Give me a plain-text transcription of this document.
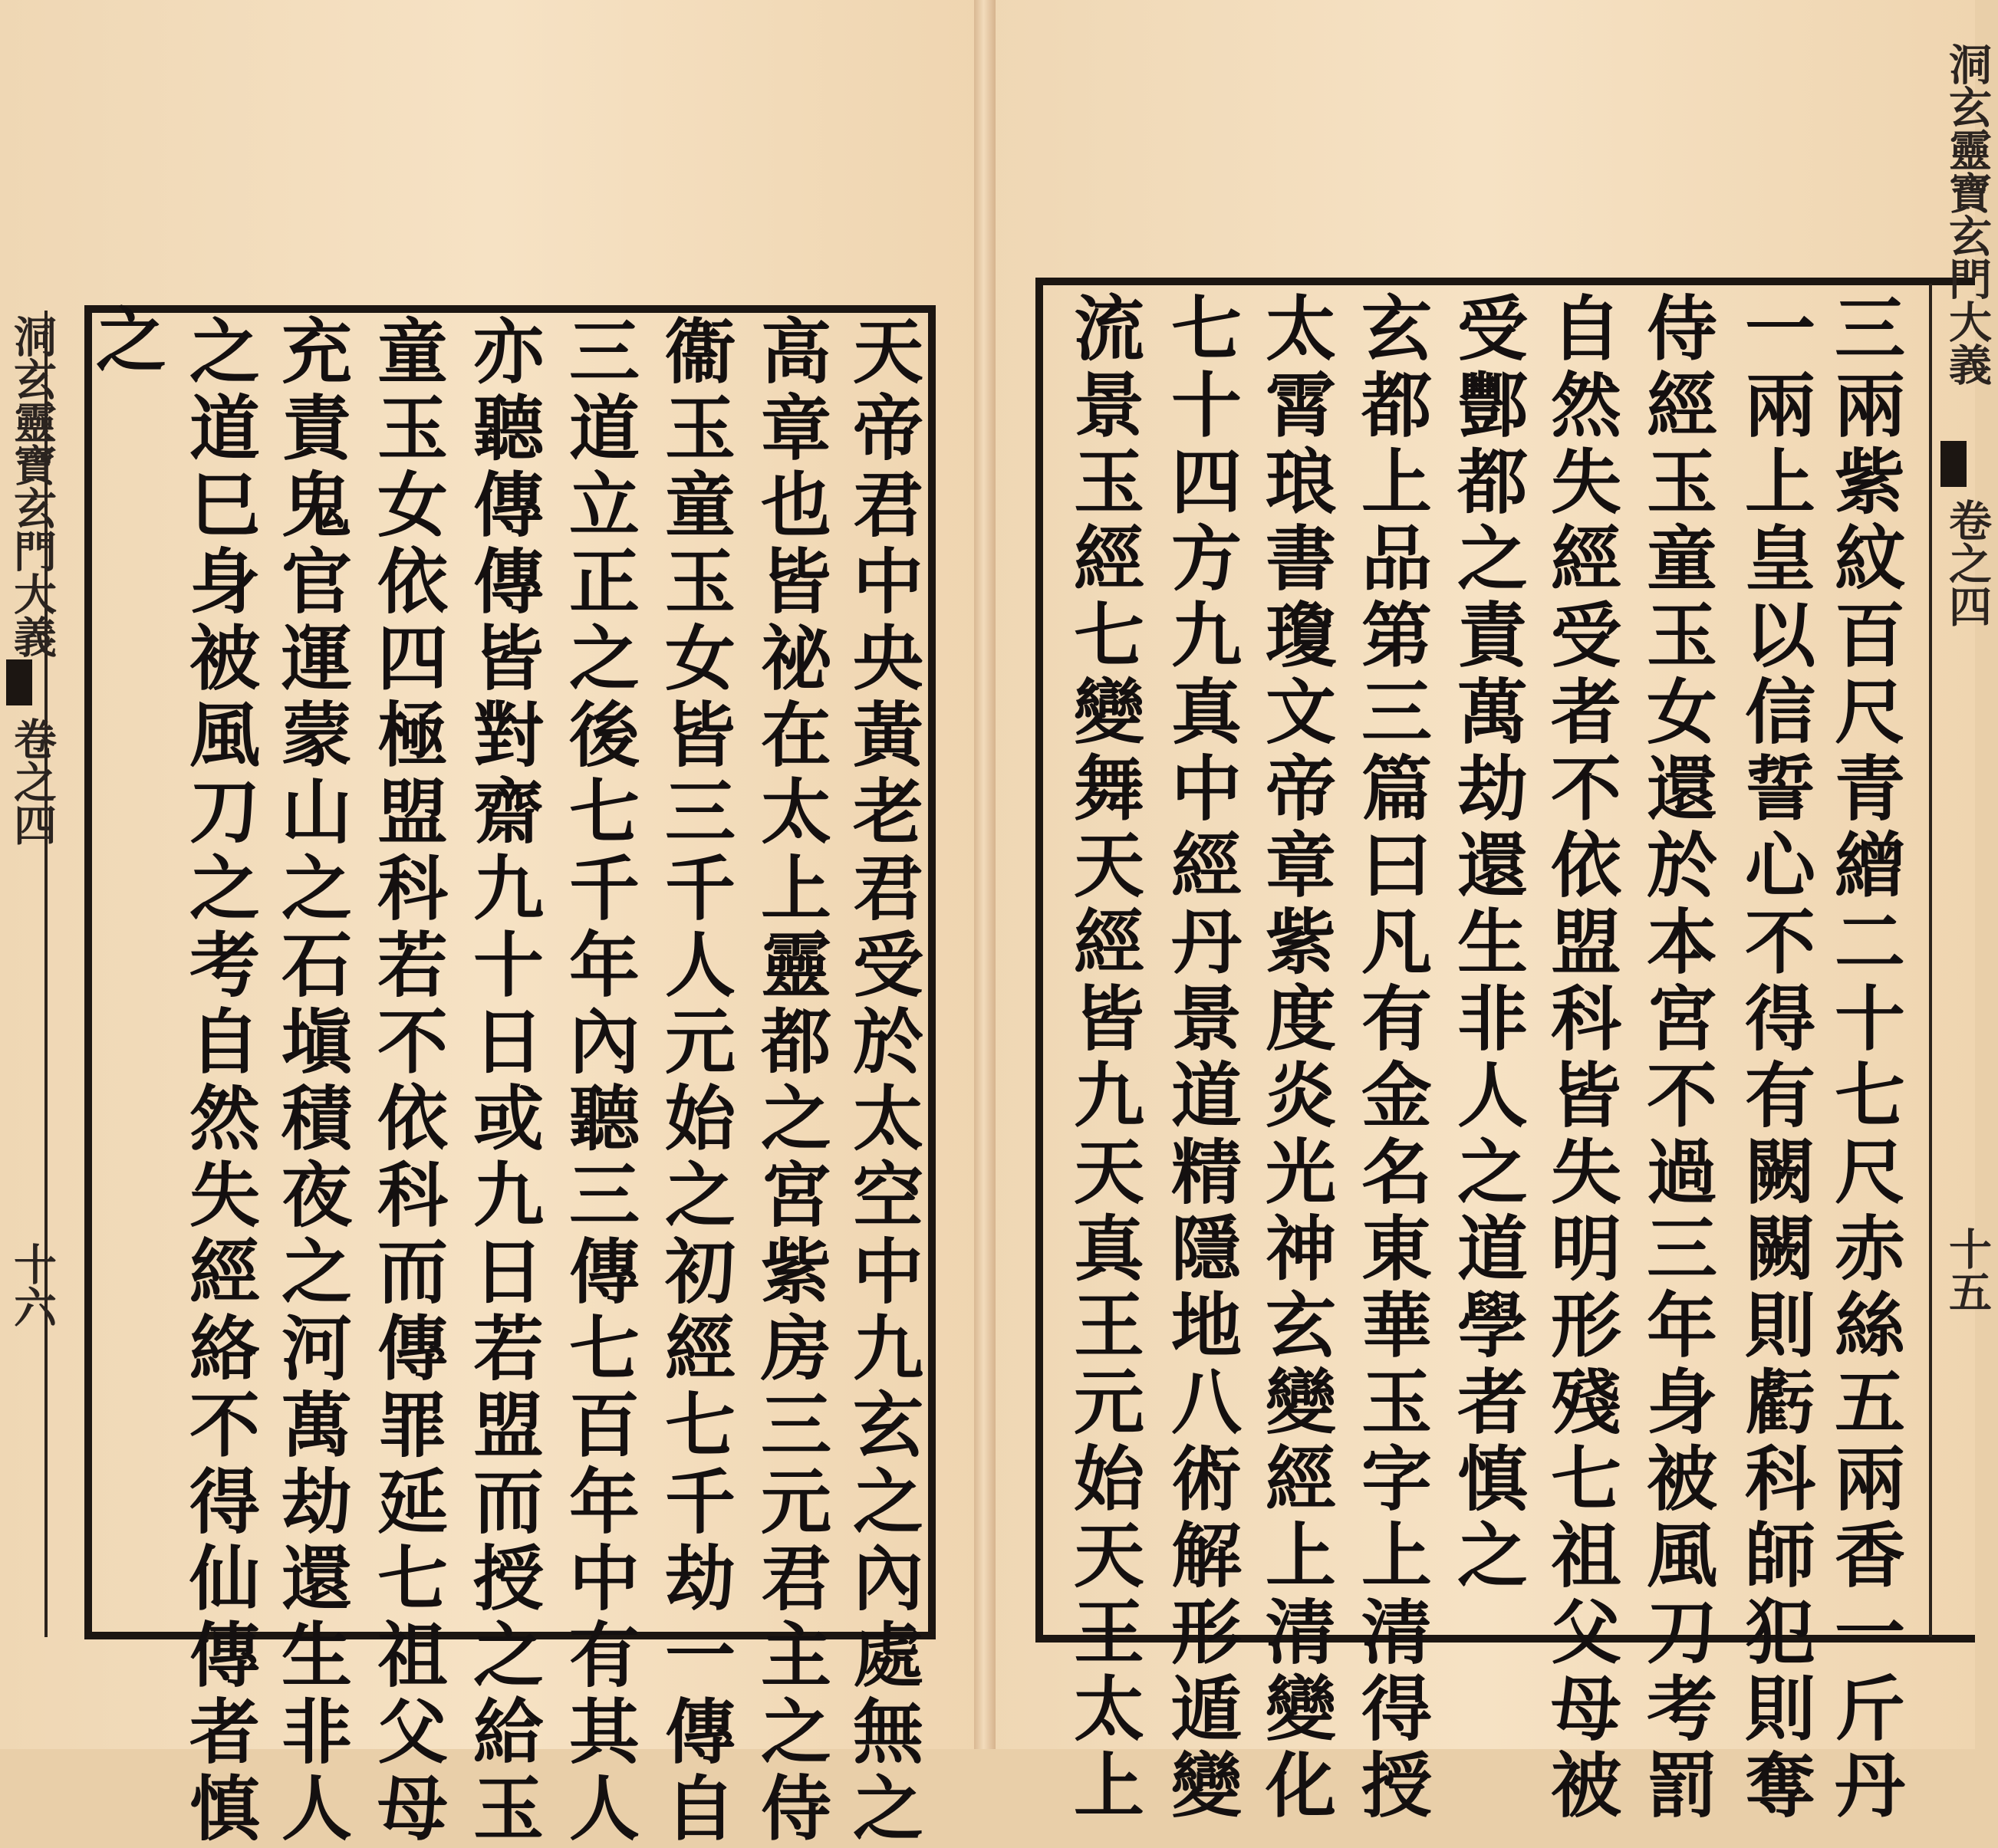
洞玄靈寶玄門大義
卷之四
十五
三兩紫紋百尺青繒二十七尺赤絲五兩香一斤丹
一兩上皇以信誓心不得有闕闕則虧科師犯則奪
侍經玉童玉女還於本宮不過三年身被風刀考罰
自然失經受者不依盟科皆失明形殘七祖父母被
受酆都之責萬劫還生非人之道學者慎之
玄都上品第三篇曰凡有金名東華玉字上清得授
太霄琅書瓊文帝章紫度炎光神玄變經上清變化
七十四方九真中經丹景道精隱地八術解形遁變
流景玉經七變舞天經皆九天真王元始天王太上
洞玄靈寶玄門大義
卷之四
十六	天帝君中央黃老君受於太空中九玄之內處無之
高章也皆祕在太上靈都之宮紫房三元君主之侍
衞玉童玉女皆三千人元始之初經七千劫一傳自
三道立正之後七千年內聽三傳七百年中有其人
亦聽傳傳皆對齋九十日或九日若盟而授之給玉
童玉女依四極盟科若不依科而傳罪延七祖父母
充責鬼官運蒙山之石塡積夜之河萬劫還生非人
之道巳身被風刀之考自然失經絡不得仙傳者慎
之
